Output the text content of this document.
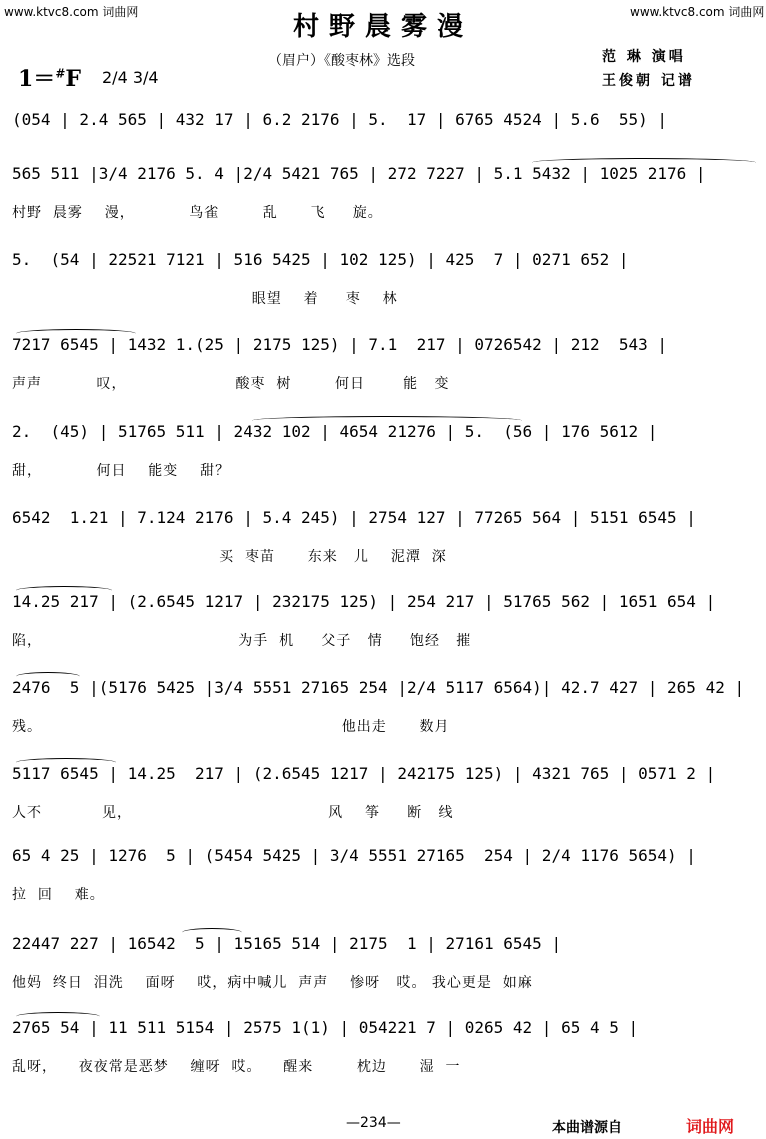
www.ktvc8.com 词曲网	www.ktvc8.com 词曲网
村野晨雾漫
（眉户）《酸枣林》选段	范 琳 演唱
王俊朝 记谱
1＝#F 2/4 3/4
(054 | 2.4 565 | 432 17 | 6.2 2176 | 5.  17 | 6765 4524 | 5.6  55) |
565 511 |3/4 2176 5. 4 |2/4 5421 765 | 272 7227 | 5.1 5432 | 1025 2176 |
村野  晨雾    漫，          鸟雀        乱      飞     旋。
5.  (54 | 22521 7121 | 516 5425 | 102 125) | 425  7 | 0271 652 |
眼望    着     枣    林
7217 6545 | 1432 1.(25 | 2175 125) | 7.1  217 | 0726542 | 212  543 |
声声          叹，                    酸枣  树        何日       能   变
2.  (45) | 51765 511 | 2432 102 | 4654 21276 | 5.  (56 | 176 5612 |
甜，          何日    能变    甜？
6542  1.21 | 7.124 2176 | 5.4 245) | 2754 127 | 77265 564 | 5151 6545 |
买  枣苗      东来   儿    泥潭  深
14.25 217 | (2.6545 1217 | 232175 125) | 254 217 | 51765 562 | 1651 654 |
陷，                                    为手  机     父子   情     饱经   摧
2476  5 |(5176 5425 |3/4 5551 27165 254 |2/4 5117 6564)| 42.7 427 | 265 42 |
残。                                                       他出走      数月
5117 6545 | 14.25  217 | (2.6545 1217 | 242175 125) | 4321 765 | 0571 2 |
人不           见，                                    风    筝     断   线
65 4 25 | 1276  5 | (5454 5425 | 3/4 5551 27165  254 | 2/4 1176 5654) |
拉  回    难。
22447 227 | 16542  5 | 15165 514 | 2175  1 | 27161 6545 |
他妈  终日  泪洗    面呀    哎，病中喊儿  声声    惨呀   哎。 我心更是  如麻
2765 54 | 11 511 5154 | 2575 1(1) | 054221 7 | 0265 42 | 65 4 5 |
乱呀，    夜夜常是恶梦    缠呀  哎。    醒来        枕边      湿  一
—234—	本曲谱源自	词曲网
